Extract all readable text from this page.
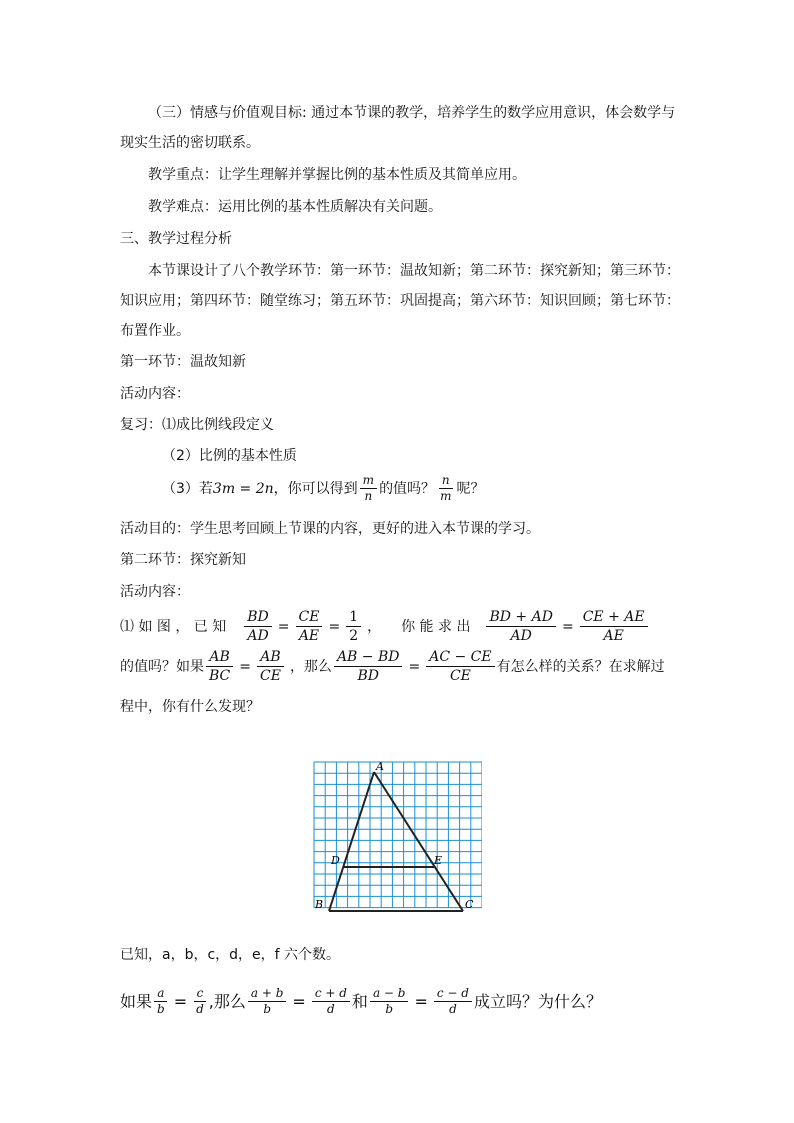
（三）情感与价值观目标: 通过本节课的教学，培养学生的数学应用意识，体会数学与
现实生活的密切联系。
教学重点：让学生理解并掌握比例的基本性质及其简单应用。
教学难点：运用比例的基本性质解决有关问题。
三、教学过程分析
本节课设计了八个教学环节：第一环节：温故知新；第二环节：探究新知；第三环节：
知识应用；第四环节：随堂练习；第五环节：巩固提高；第六环节：知识回顾；第七环节：
布置作业。
第一环节：温故知新
活动内容：
复习：⑴成比例线段定义
（2）比例的基本性质
（3）若 3m = 2n ，你可以得到 $\frac{m}{n}$ 的值吗？ $\frac{n}{m}$ 呢？
活动目的：学生思考回顾上节课的内容，更好的进入本节课的学习。
第二环节：探究新知
活动内容：
⑴ 如 图 ， 已 知 $\frac{BD}{AD} = \frac{CE}{AE} = \frac{1}{2}$ ， 你 能 求 出 $\frac{BD + AD}{AD} = \frac{CE + AE}{AE}$
的值吗？如果 $\frac{AB}{BC} = \frac{AB}{CE}$ ，那么 $\frac{AB - BD}{BD} = \frac{AC - CE}{CE}$ 有怎么样的关系？在求解过
程中，你有什么发现？
A
B	C
D	E
已知，a，b，c，d，e，f 六个数。
如果 $\frac{a}{b} = \frac{c}{d}$ ,那么 $\frac{a + b}{b} = \frac{c + d}{d}$ 和 $\frac{a - b}{b} = \frac{c - d}{d}$ 成立吗？为什么？
